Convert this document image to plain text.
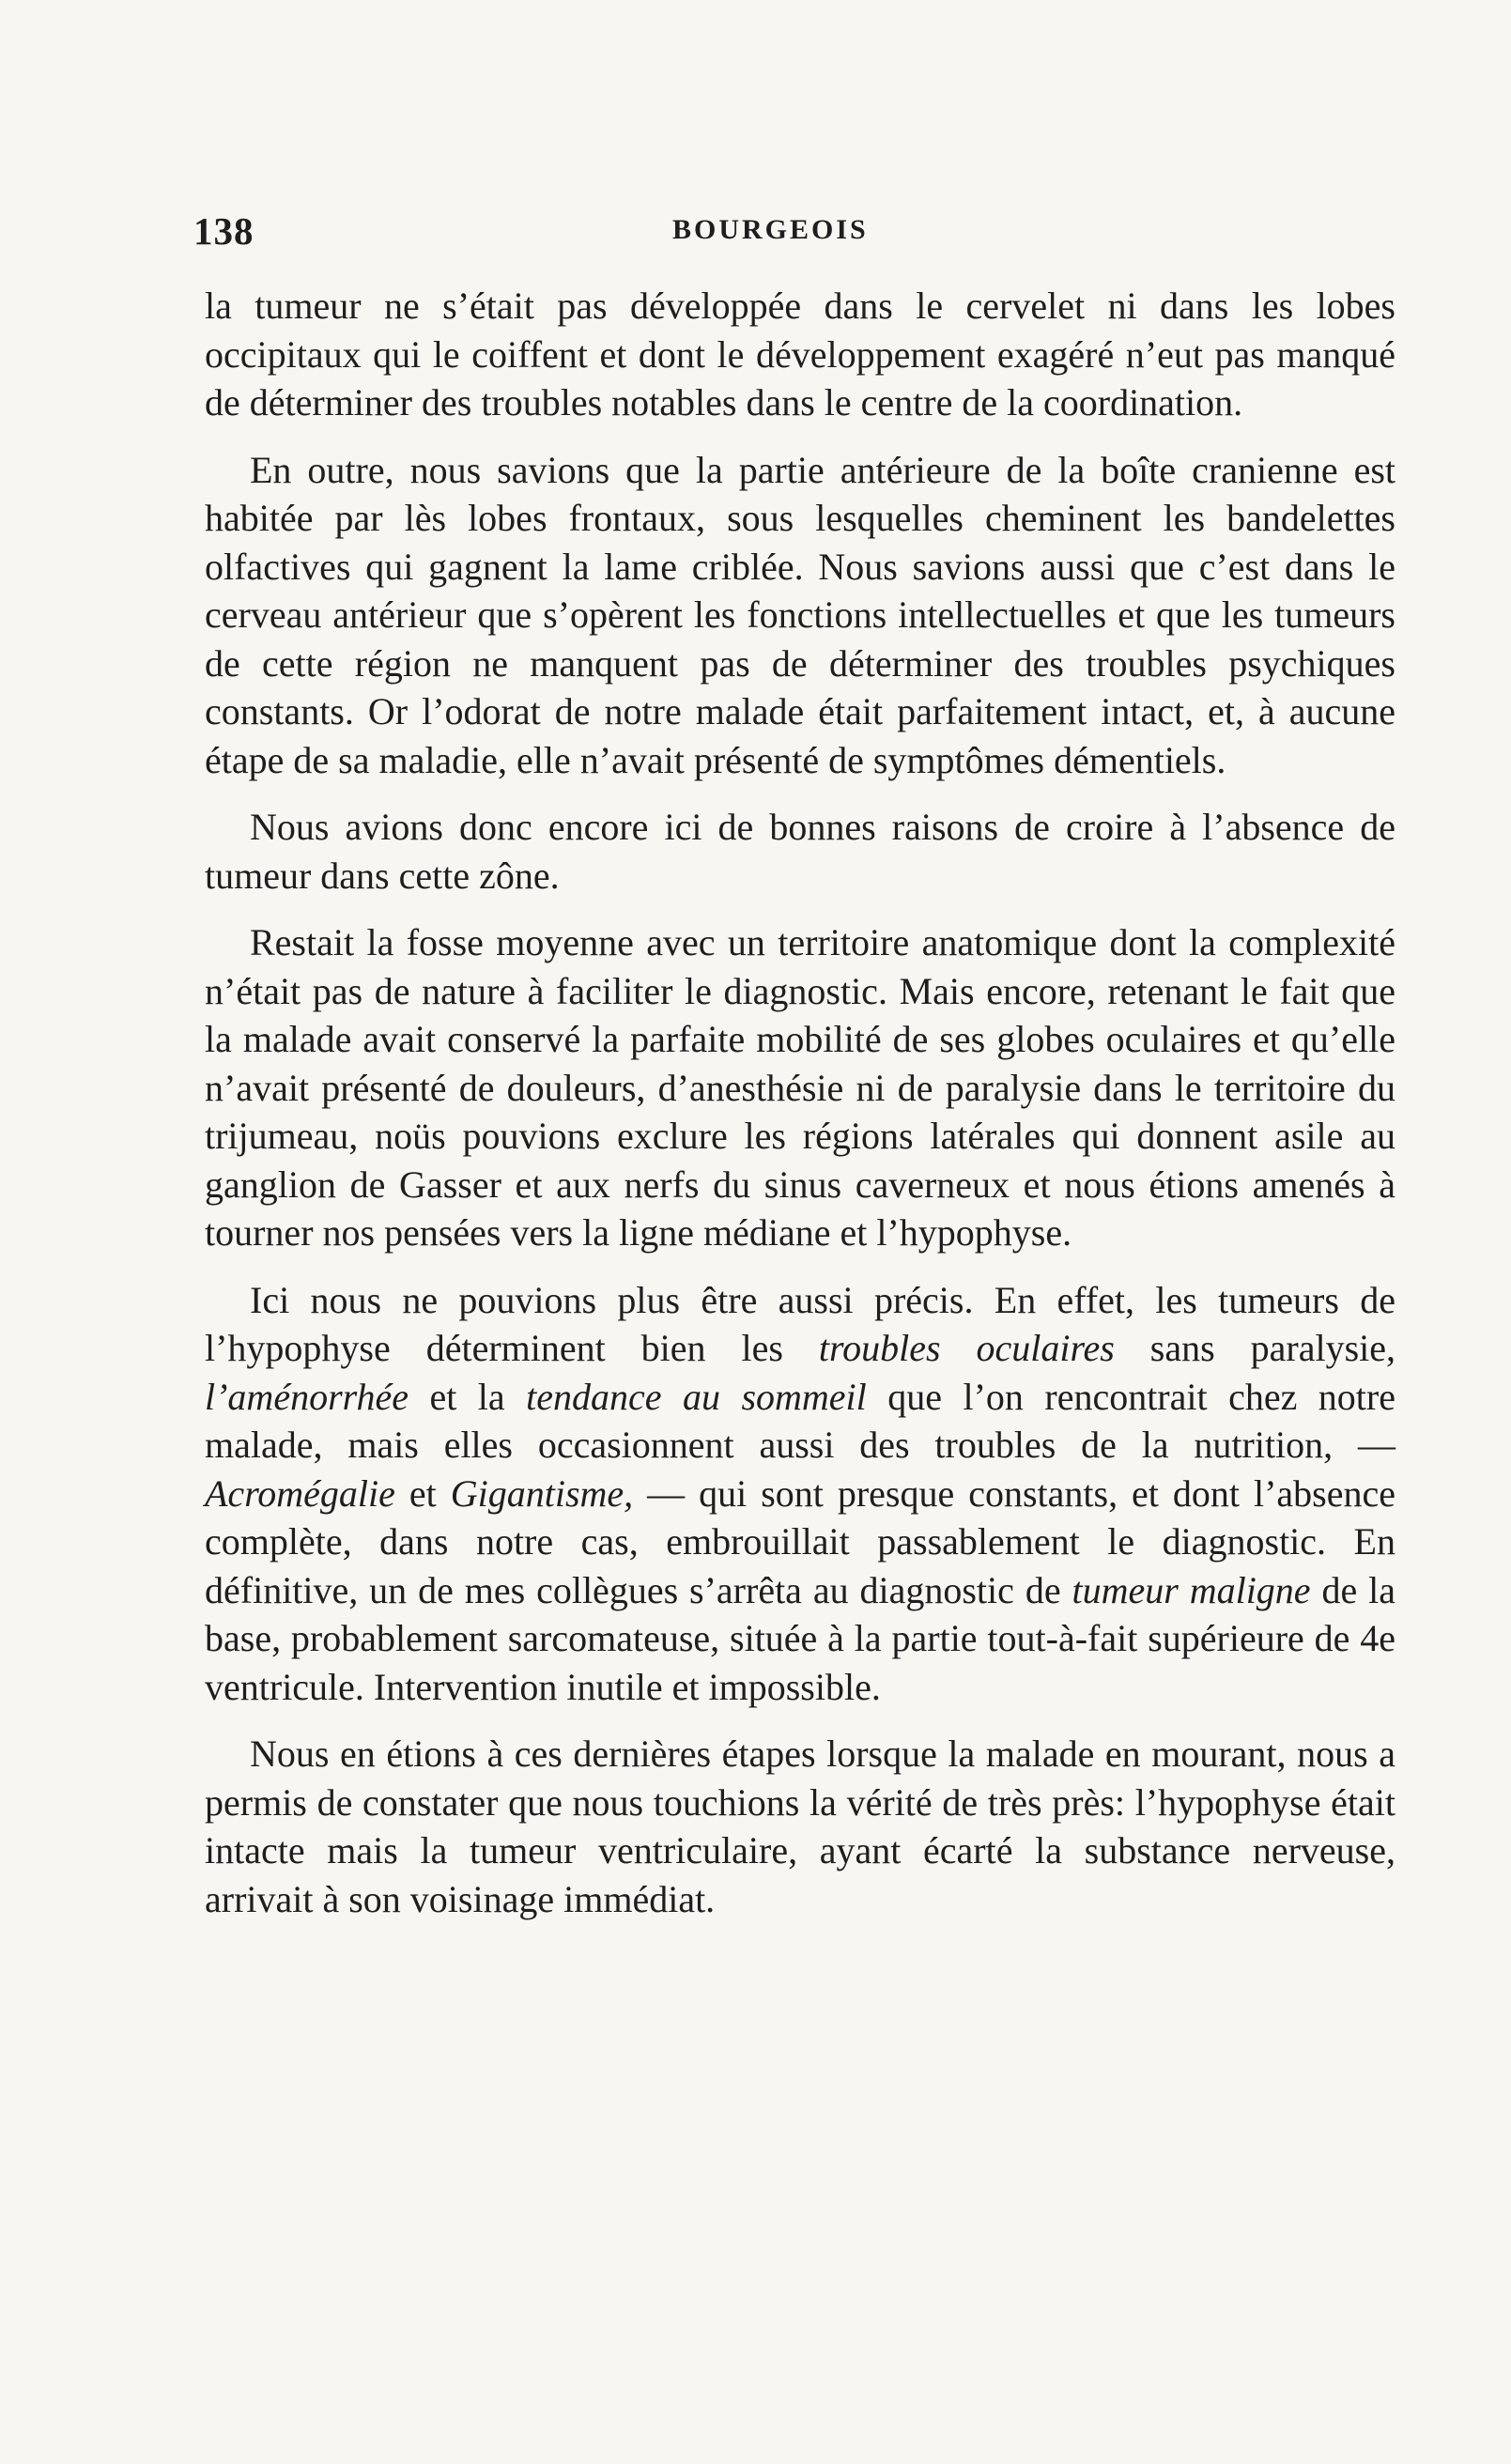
138	BOURGEOIS

la tumeur ne s’était pas développée dans le cervelet ni dans les lobes occipitaux qui le coiffent et dont le développement exagéré n’eut pas manqué de déterminer des troubles notables dans le centre de la coordination.

En outre, nous savions que la partie antérieure de la boîte cranienne est habitée par lès lobes frontaux, sous lesquelles cheminent les bandelettes olfactives qui gagnent la lame criblée. Nous savions aussi que c’est dans le cerveau antérieur que s’opèrent les fonctions intellectuelles et que les tumeurs de cette région ne manquent pas de déterminer des troubles psychiques constants. Or l’odorat de notre malade était parfaitement intact, et, à aucune étape de sa maladie, elle n’avait présenté de symptômes démentiels.

Nous avions donc encore ici de bonnes raisons de croire à l’absence de tumeur dans cette zône.

Restait la fosse moyenne avec un territoire anatomique dont la complexité n’était pas de nature à faciliter le diagnostic. Mais encore, retenant le fait que la malade avait conservé la parfaite mobilité de ses globes oculaires et qu’elle n’avait présenté de douleurs, d’anesthésie ni de paralysie dans le territoire du trijumeau, noüs pouvions exclure les régions latérales qui donnent asile au ganglion de Gasser et aux nerfs du sinus caverneux et nous étions amenés à tourner nos pensées vers la ligne médiane et l’hypophyse.

Ici nous ne pouvions plus être aussi précis. En effet, les tumeurs de l’hypophyse déterminent bien les troubles oculaires sans paralysie, l’aménorrhée et la tendance au sommeil que l’on rencontrait chez notre malade, mais elles occasionnent aussi des troubles de la nutrition, — Acromégalie et Gigantisme, — qui sont presque constants, et dont l’absence complète, dans notre cas, embrouillait passablement le diagnostic. En définitive, un de mes collègues s’arrêta au diagnostic de tumeur maligne de la base, probablement sarcomateuse, située à la partie tout-à-fait supérieure de 4e ventricule. Intervention inutile et impossible.

Nous en étions à ces dernières étapes lorsque la malade en mourant, nous a permis de constater que nous touchions la vérité de très près: l’hypophyse était intacte mais la tumeur ventriculaire, ayant écarté la substance nerveuse, arrivait à son voisinage immédiat.
